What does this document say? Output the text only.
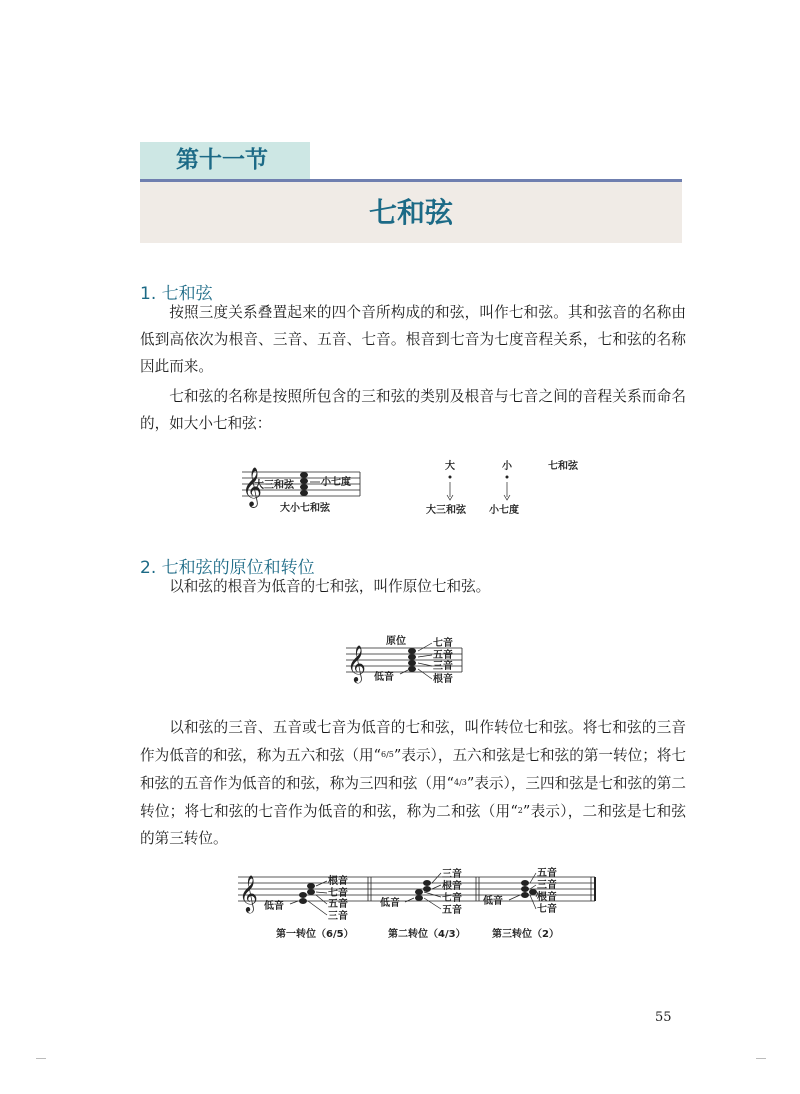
第十一节
七和弦
1. 七和弦
按照三度关系叠置起来的四个音所构成的和弦，叫作七和弦。其和弦音的名称由低到高依次为根音、三音、五音、七音。根音到七音为七度音程关系，七和弦的名称因此而来。
七和弦的名称是按照所包含的三和弦的类别及根音与七音之间的音程关系而命名的，如大小七和弦：
𝄞
大三和弦	小七度
大小七和弦
大	小	七和弦
大三和弦 小七度
2. 七和弦的原位和转位
以和弦的根音为低音的七和弦，叫作原位七和弦。
𝄞
原位
低音
七音
五音
三音
根音
以和弦的三音、五音或七音为低音的七和弦，叫作转位七和弦。将七和弦的三音作为低音的和弦，称为五六和弦（用“$^{6/5}$”表示），五六和弦是七和弦的第一转位；将七和弦的五音作为低音的和弦，称为三四和弦（用“$^{4/3}$”表示），三四和弦是七和弦的第二转位；将七和弦的七音作为低音的和弦，称为二和弦（用“$^2$”表示），二和弦是七和弦的第三转位。
𝄞 低音
根音
七音
五音
三音
低音
三音
根音
七音
五音
低音
五音
三音
根音
七音
第一转位（6/5）	第二转位（4/3）	第三转位（2）
55
